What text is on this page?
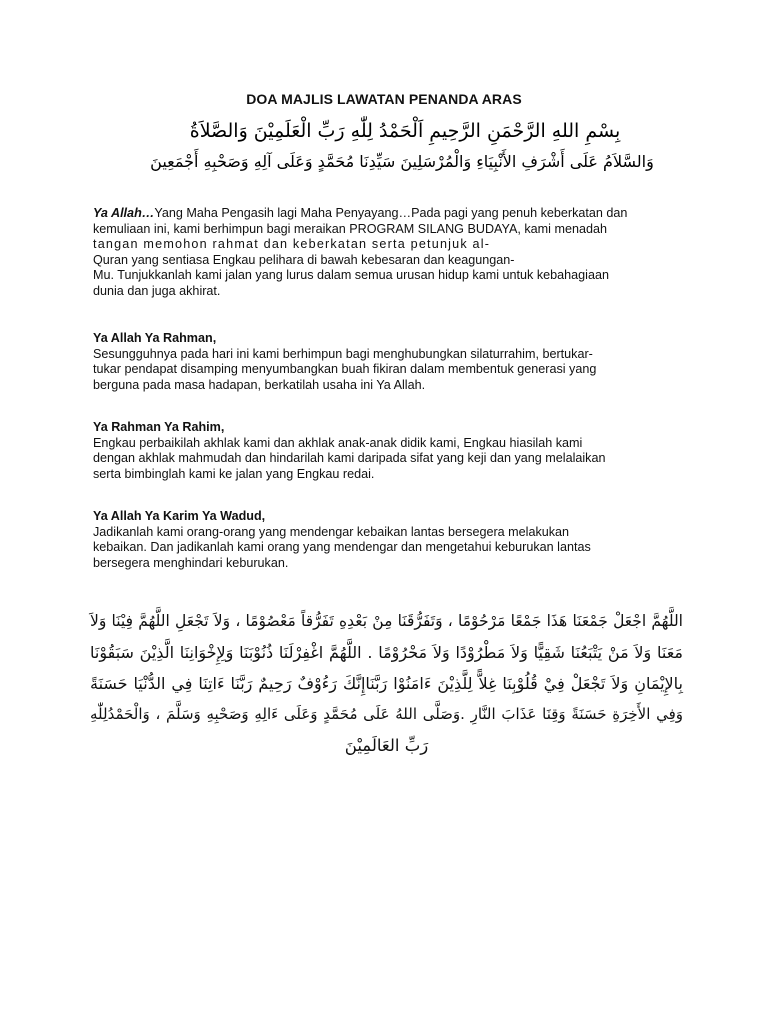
DOA MAJLIS LAWATAN PENANDA ARAS
بِسْمِ اللهِ الرَّحْمَنِ الرَّحِيمِ اَلْحَمْدُ لِلّٰهِ رَبِّ الْعَلَمِيْنَ وَالصَّلاَةُ
وَالسَّلاَمُ عَلَى أَشْرَفِ الأَنْبِيَاءِ وَالْمُرْسَلِينَ سَيِّدِنَا مُحَمَّدٍ وَعَلَى آلِهِ وَصَحْبِهِ أَجْمَعِينَ

Ya Allah…Yang Maha Pengasih lagi Maha Penyayang…Pada pagi yang penuh keberkatan dan

kemuliaan ini, kami berhimpun bagi meraikan PROGRAM SILANG BUDAYA, kami menadah

tangan memohon rahmat dan keberkatan serta petunjuk al-

Quran yang sentiasa Engkau pelihara di bawah kebesaran dan keagungan-

Mu. Tunjukkanlah kami jalan yang lurus dalam semua urusan hidup kami untuk kebahagiaan

dunia dan juga akhirat.

Ya Allah Ya Rahman,

Sesungguhnya pada hari ini kami berhimpun bagi menghubungkan silaturrahim, bertukar-

tukar pendapat disamping menyumbangkan buah fikiran dalam membentuk generasi yang

berguna pada masa hadapan, berkatilah usaha ini Ya Allah.

Ya Rahman Ya Rahim,

Engkau perbaikilah akhlak kami dan akhlak anak-anak didik kami, Engkau hiasilah kami

dengan akhlak mahmudah dan hindarilah kami daripada sifat yang keji dan yang melalaikan

serta bimbinglah kami ke jalan yang Engkau redai.

Ya Allah Ya Karim Ya Wadud,

Jadikanlah kami orang-orang yang mendengar kebaikan lantas bersegera melakukan

kebaikan. Dan jadikanlah kami orang yang mendengar dan mengetahui keburukan lantas

bersegera menghindari keburukan.

اللَّهُمَّ اجْعَلْ جَمْعَنَا هَذَا جَمْعًا مَرْحُوْمًا ، وَتَفَرُّقَنَا مِنْ بَعْدِهِ تَفَرُّقاً مَعْصُوْمًا ، وَلاَ تَجْعَلِ اللَّهُمَّ فِيْنَا وَلاَ
مَعَنَا وَلاَ مَنْ يَتْبَعُنَا شَقِيًّا وَلاَ مَطْرُوْدًا وَلاَ مَحْرُوْمًا . اللَّهُمَّ اغْفِرْلَنَا ذُنُوْبَنَا وَلِإِخْوَانِنَا الَّذِيْنَ سَبَقُوْنَا
بِالإِيْمَانِ وَلاَ تَجْعَلْ فِيْ قُلُوْبِنَا غِلاًّ لِلَّذِيْنَ ءَامَنُوْا رَبَّنَاإِنَّكَ رَءُوْفٌ رَحِيمٌ رَبَّنَا ءَاتِنَا فِي الدُّنْيَا حَسَنَةً
وَفِي الأَخِرَةِ حَسَنَةً وَقِنَا عَذَابَ النَّارِ .وَصَلَّى اللهُ عَلَى مُحَمَّدٍ وَعَلَى ءَالِهِ وَصَحْبِهِ وَسَلَّمَ ، وَالْحَمْدُلِلّٰهِ
رَبِّ العَالَمِيْنَ
